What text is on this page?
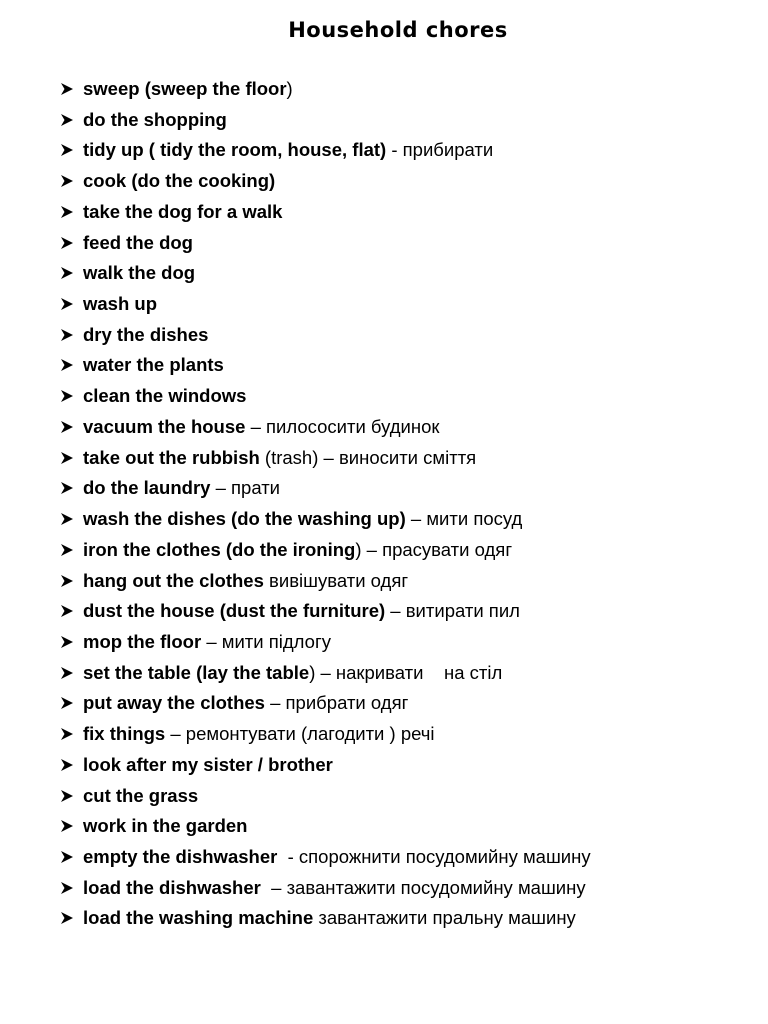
Household chores
sweep (sweep the floor)
do the shopping
tidy up ( tidy the room, house, flat) - прибирати
cook (do the cooking)
take the dog for a walk
feed the dog
walk the dog
wash up
dry the dishes
water the plants
clean the windows
vacuum the house – пилососити будинок
take out the rubbish (trash) – виносити сміття
do the laundry – прати
wash the dishes (do the washing up) – мити посуд
iron the clothes (do the ironing) – прасувати одяг
hang out the clothes вивішувати одяг
dust the house (dust the furniture) – витирати пил
mop the floor – мити підлогу
set the table (lay the table) – накривати    на стіл
put away the clothes – прибрати одяг
fix things – ремонтувати (лагодити ) речі
look after my sister / brother
cut the grass
work in the garden
empty the dishwasher  - спорожнити посудомийну машину
load the dishwasher  – завантажити посудомийну машину
load the washing machine завантажити пральну машину
